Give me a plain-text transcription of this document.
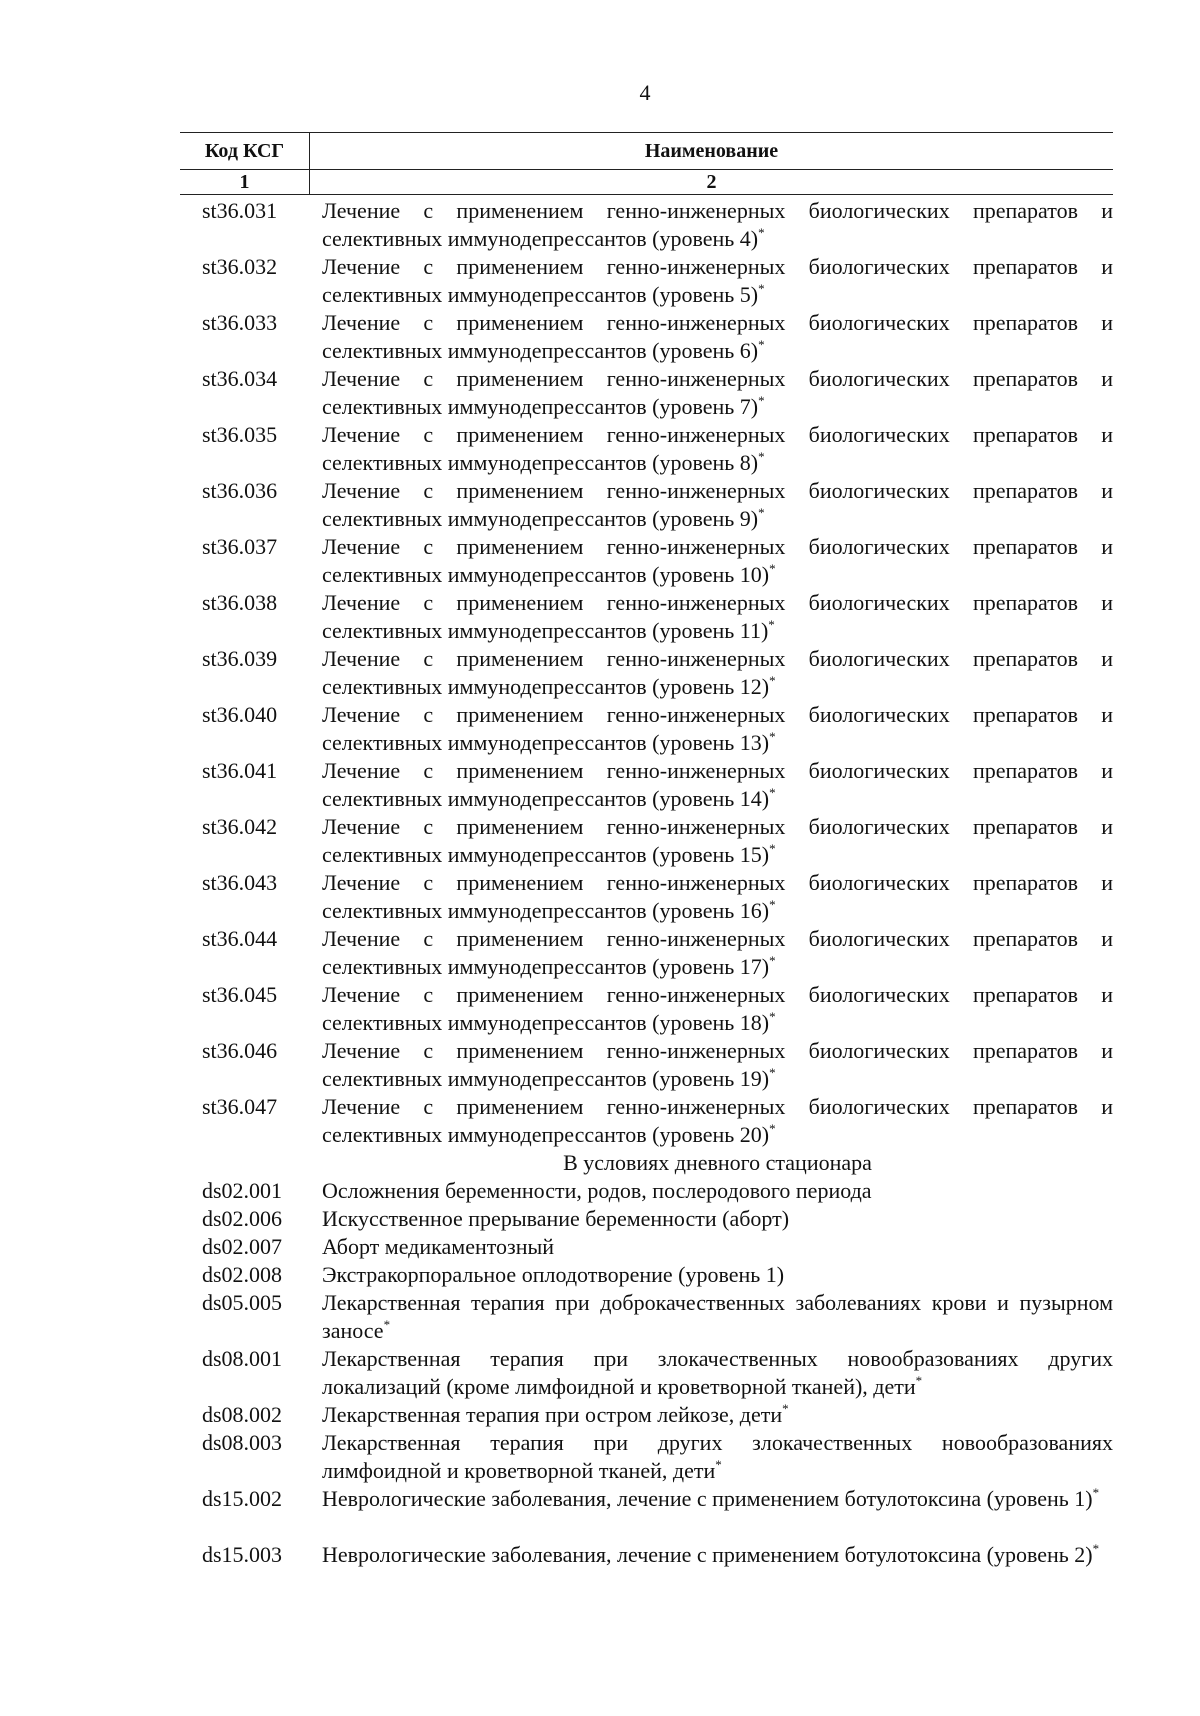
4
Код КСГ	Наименование
1	2
st36.031	Лечение с применением генно-инженерных биологических препаратов и селективных иммунодепрессантов (уровень 4)*
st36.032	Лечение с применением генно-инженерных биологических препаратов и селективных иммунодепрессантов (уровень 5)*
st36.033	Лечение с применением генно-инженерных биологических препаратов и селективных иммунодепрессантов (уровень 6)*
st36.034	Лечение с применением генно-инженерных биологических препаратов и селективных иммунодепрессантов (уровень 7)*
st36.035	Лечение с применением генно-инженерных биологических препаратов и селективных иммунодепрессантов (уровень 8)*
st36.036	Лечение с применением генно-инженерных биологических препаратов и селективных иммунодепрессантов (уровень 9)*
st36.037	Лечение с применением генно-инженерных биологических препаратов и селективных иммунодепрессантов (уровень 10)*
st36.038	Лечение с применением генно-инженерных биологических препаратов и селективных иммунодепрессантов (уровень 11)*
st36.039	Лечение с применением генно-инженерных биологических препаратов и селективных иммунодепрессантов (уровень 12)*
st36.040	Лечение с применением генно-инженерных биологических препаратов и селективных иммунодепрессантов (уровень 13)*
st36.041	Лечение с применением генно-инженерных биологических препаратов и селективных иммунодепрессантов (уровень 14)*
st36.042	Лечение с применением генно-инженерных биологических препаратов и селективных иммунодепрессантов (уровень 15)*
st36.043	Лечение с применением генно-инженерных биологических препаратов и селективных иммунодепрессантов (уровень 16)*
st36.044	Лечение с применением генно-инженерных биологических препаратов и селективных иммунодепрессантов (уровень 17)*
st36.045	Лечение с применением генно-инженерных биологических препаратов и селективных иммунодепрессантов (уровень 18)*
st36.046	Лечение с применением генно-инженерных биологических препаратов и селективных иммунодепрессантов (уровень 19)*
st36.047	Лечение с применением генно-инженерных биологических препаратов и селективных иммунодепрессантов (уровень 20)*
В условиях дневного стационара
ds02.001	Осложнения беременности, родов, послеродового периода
ds02.006	Искусственное прерывание беременности (аборт)
ds02.007	Аборт медикаментозный
ds02.008	Экстракорпоральное оплодотворение (уровень 1)
ds05.005	Лекарственная терапия при доброкачественных заболеваниях крови и пузырном заносе*
ds08.001	Лекарственная терапия при злокачественных новообразованиях других локализаций (кроме лимфоидной и кроветворной тканей), дети*
ds08.002	Лекарственная терапия при остром лейкозе, дети*
ds08.003	Лекарственная терапия при других злокачественных новообразованиях лимфоидной и кроветворной тканей, дети*
ds15.002	Неврологические заболевания, лечение с применением ботулотоксина (уровень 1)*
ds15.003	Неврологические заболевания, лечение с применением ботулотоксина (уровень 2)*
